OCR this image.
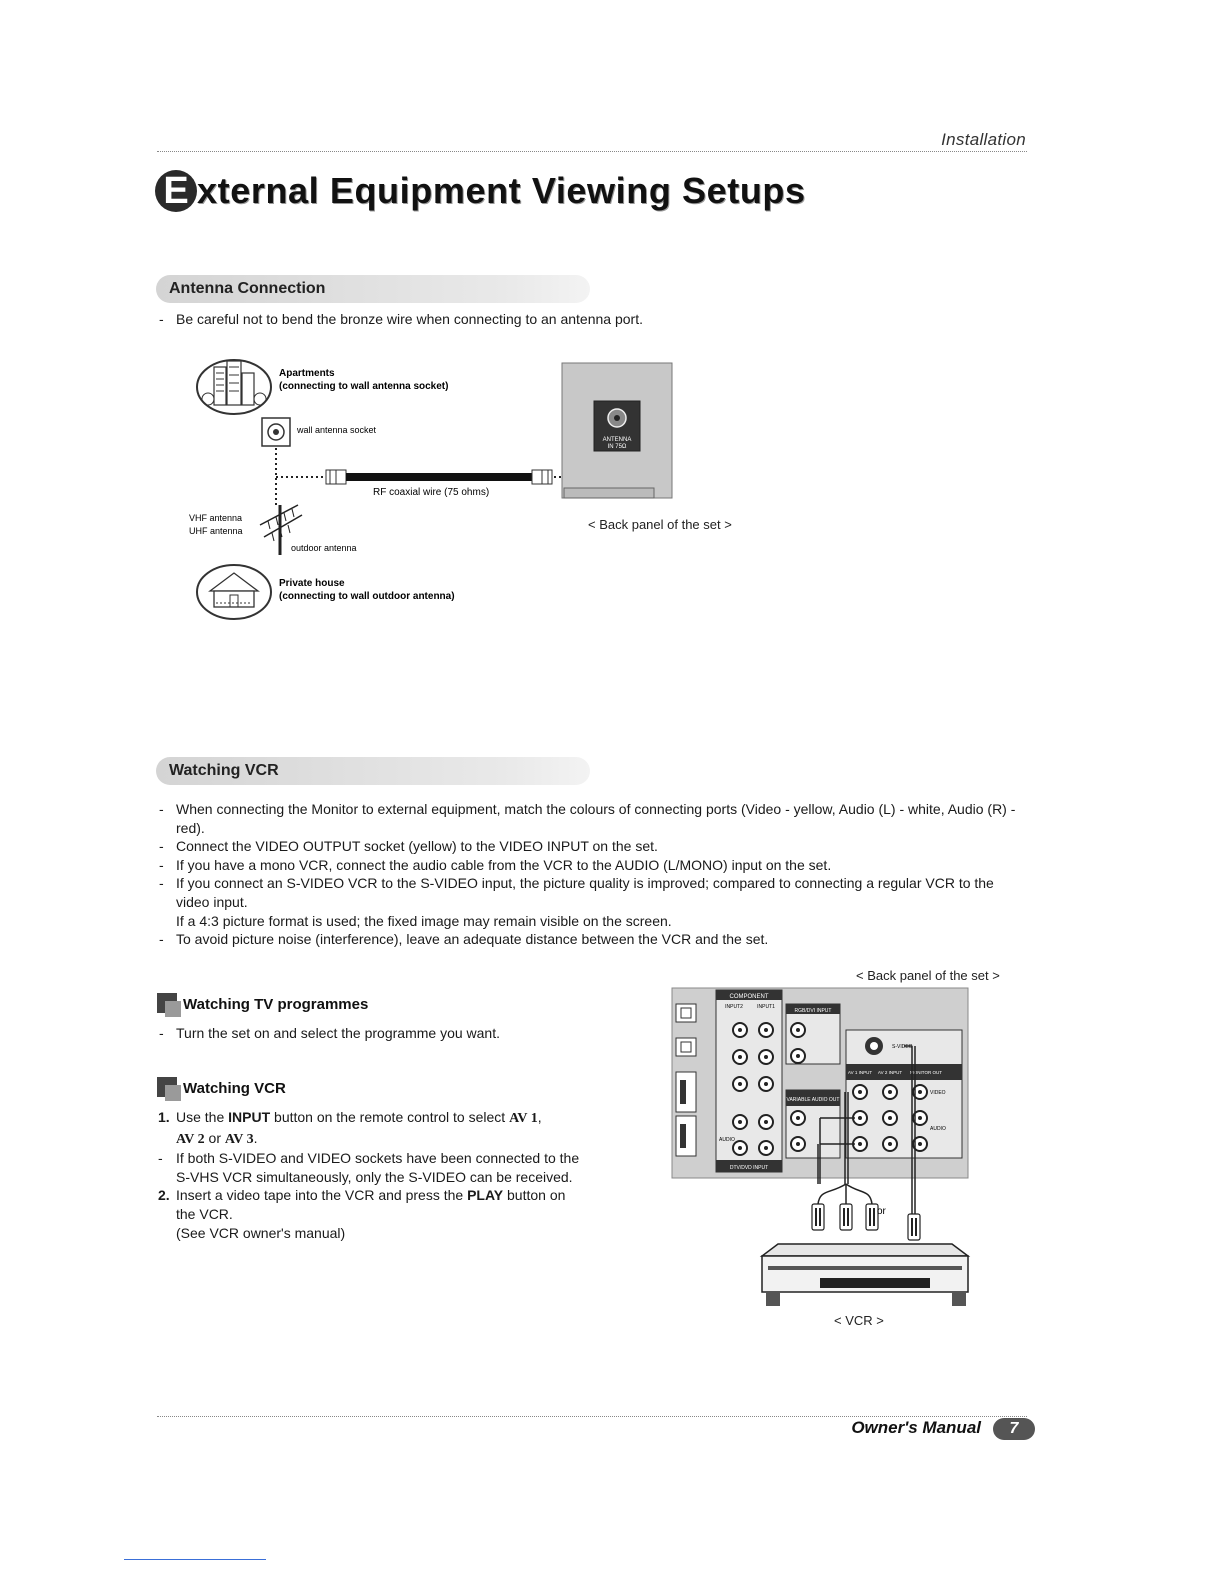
Installation
E xternal Equipment Viewing Setups
Antenna Connection
- Be careful not to bend the bronze wire when connecting to an antenna port.
Apartments
(connecting to wall antenna socket)
wall antenna socket
RF coaxial wire (75 ohms)
VHF antenna
UHF antenna
outdoor antenna
Private house
(connecting to wall outdoor antenna)
ANTENNA
IN 75Ω
< Back panel of the set >
Watching VCR
- When connecting the Monitor to external equipment, match the colours of connecting ports (Video - yellow, Audio (L) - white, Audio (R) -red).
- Connect the VIDEO OUTPUT socket (yellow) to the VIDEO INPUT on the set.
- If you have a mono VCR, connect the audio cable from the VCR to the AUDIO (L/MONO) input on the set.
- If you connect an S-VIDEO VCR to the S-VIDEO input, the picture quality is improved; compared to connecting a regular VCR to the video input.
If a 4:3 picture format is used; the fixed image may remain visible on the screen.
- To avoid picture noise (interference), leave an adequate distance between the VCR and the set.
Watching TV programmes
- Turn the set on and select the programme you want.
Watching VCR
1. Use the INPUT button on the remote control to select AV 1,
AV 2 or AV 3.
- If both S-VIDEO and VIDEO sockets have been connected to the S-VHS VCR simultaneously, only the S-VIDEO can be received.
2. Insert a video tape into the VCR and press the PLAY button on the VCR.
(See VCR owner's manual)
< Back panel of the set >
COMPONENT
INPUT2	INPUT1
AUDIO
DTV/DVD INPUT
RGB/DVI INPUT
VARIABLE AUDIO OUT
S-VIDEO
AV 1 INPUT AV 2 INPUT MONITOR OUT
VIDEO
AUDIO
or
< VCR >
Owner's Manual	7
